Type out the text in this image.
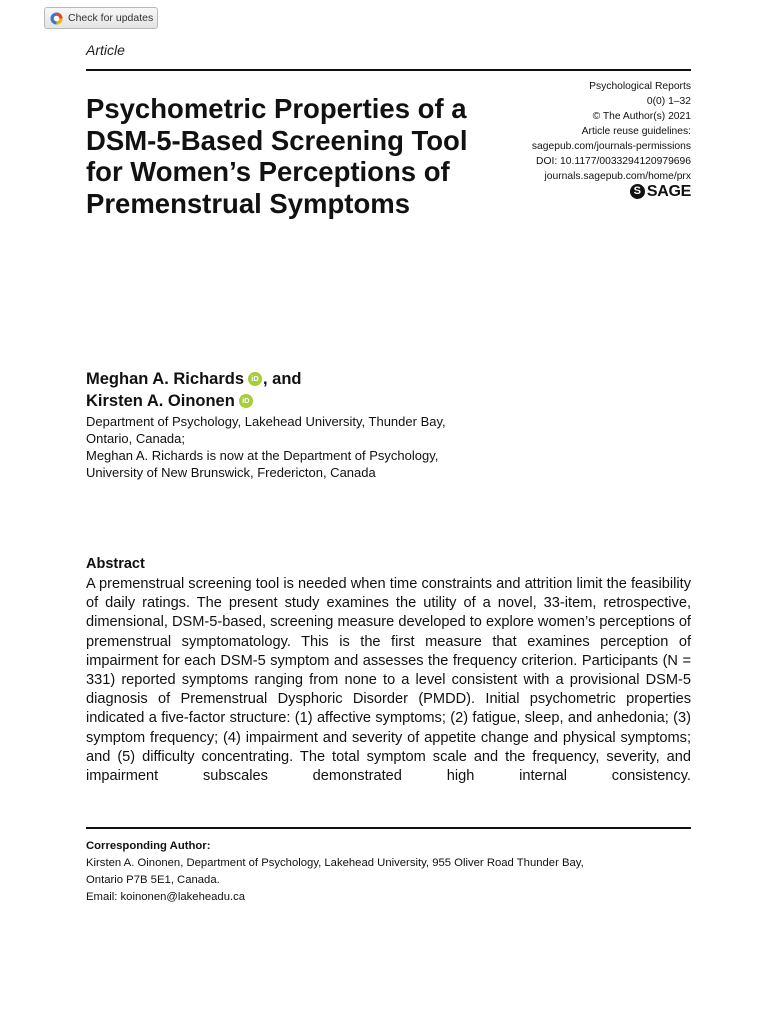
Check for updates
Article
Psychometric Properties of a DSM-5-Based Screening Tool for Women’s Perceptions of Premenstrual Symptoms
Psychological Reports
0(0) 1–32
© The Author(s) 2021
Article reuse guidelines:
sagepub.com/journals-permissions
DOI: 10.1177/0033294120979696
journals.sagepub.com/home/prx
S SAGE
Meghan A. Richards iD , and
Kirsten A. Oinonen iD
Department of Psychology, Lakehead University, Thunder Bay, Ontario, Canada;
Meghan A. Richards is now at the Department of Psychology, University of New Brunswick, Fredericton, Canada
Abstract

A premenstrual screening tool is needed when time constraints and attrition limit the feasibility of daily ratings. The present study examines the utility of a novel, 33-item, retrospective, dimensional, DSM-5-based, screening measure developed to explore women’s perceptions of premenstrual symptomatology. This is the first measure that examines perception of impairment for each DSM-5 symptom and assesses the frequency criterion. Participants (N = 331) reported symptoms ranging from none to a level consistent with a provisional DSM-5 diagnosis of Premenstrual Dysphoric Disorder (PMDD). Initial psychometric properties indicated a five-factor structure: (1) affective symptoms; (2) fatigue, sleep, and anhedonia; (3) symptom frequency; (4) impairment and severity of appetite change and physical symptoms; and (5) difficulty concentrating. The total symptom scale and the frequency, severity, and impairment subscales demonstrated high internal consistency.

Corresponding Author:
Kirsten A. Oinonen, Department of Psychology, Lakehead University, 955 Oliver Road Thunder Bay,
Ontario P7B 5E1, Canada.
Email: koinonen@lakeheadu.ca
